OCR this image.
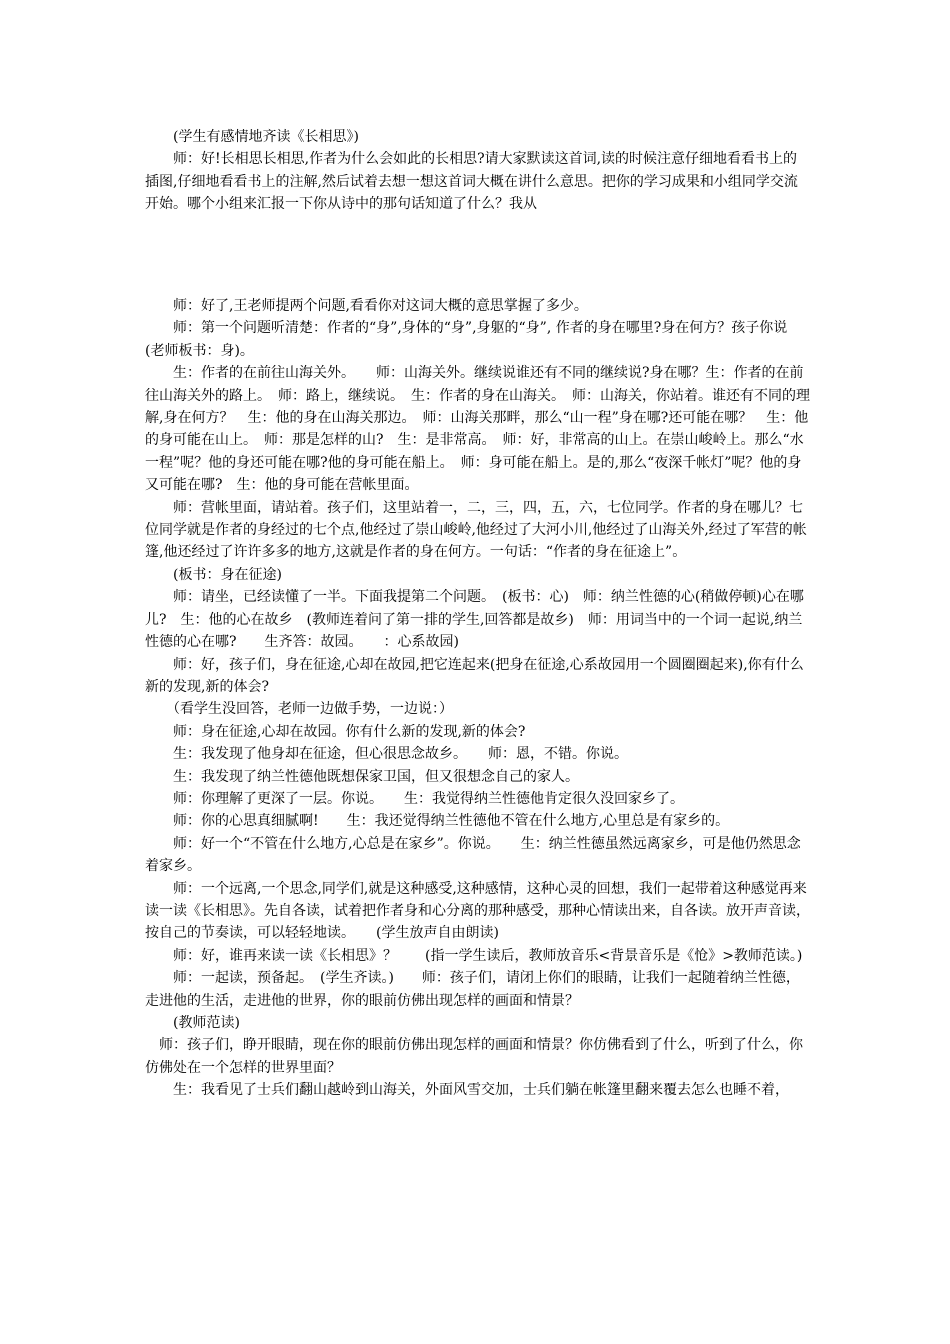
　　(学生有感情地齐读《长相思》)
　　师：好!长相思长相思,作者为什么会如此的长相思?请大家默读这首词,读的时候注意仔细地看看书上的插图,仔细地看看书上的注解,然后试着去想一想这首词大概在讲什么意思。把你的学习成果和小组同学交流开始。哪个小组来汇报一下你从诗中的那句话知道了什么？我从
　　师：好了,王老师提两个问题,看看你对这词大概的意思掌握了多少。
　　师：第一个问题听清楚：作者的“身”,身体的“身”,身躯的“身”, 作者的身在哪里?身在何方？孩子你说　　(老师板书：身)。
　　生：作者的在前往山海关外。　　师：山海关外。继续说谁还有不同的继续说?身在哪？生：作者的在前往山海关外的路上。　师：路上，继续说。　生：作者的身在山海关。　师：山海关，你站着。谁还有不同的理解,身在何方？　生：他的身在山海关那边。　师：山海关那畔，那么“山一程”身在哪?还可能在哪？　生：他的身可能在山上。　师：那是怎样的山?　生：是非常高。　师：好，非常高的山上。在崇山峻岭上。那么“水一程”呢？他的身还可能在哪?他的身可能在船上。　师：身可能在船上。是的,那么“夜深千帐灯”呢？他的身又可能在哪?　生：他的身可能在营帐里面。
　　师：营帐里面，请站着。孩子们，这里站着一，二，三，四，五，六，七位同学。作者的身在哪儿？七位同学就是作者的身经过的七个点,他经过了崇山峻岭,他经过了大河小川,他经过了山海关外,经过了军营的帐篷,他还经过了许许多多的地方,这就是作者的身在何方。一句话：“作者的身在征途上”。
　　(板书：身在征途)
　　师：请坐，已经读懂了一半。下面我提第二个问题。　(板书：心)　师：纳兰性德的心(稍做停顿)心在哪儿?　生：他的心在故乡　(教师连着问了第一排的学生,回答都是故乡)　师：用词当中的一个词一起说,纳兰性德的心在哪?　　生齐答：故园。　　：心系故园)
　　师：好，孩子们，身在征途,心却在故园,把它连起来(把身在征途,心系故园用一个圆圈圈起来),你有什么新的发现,新的体会?
　　（看学生没回答，老师一边做手势，一边说：）
　　师：身在征途,心却在故园。你有什么新的发现,新的体会?
　　生：我发现了他身却在征途，但心很思念故乡。　　师：恩，不错。你说。
　　生：我发现了纳兰性德他既想保家卫国，但又很想念自己的家人。
　　师：你理解了更深了一层。你说。　　生：我觉得纳兰性德他肯定很久没回家乡了。
　　师：你的心思真细腻啊!　　生：我还觉得纳兰性德他不管在什么地方,心里总是有家乡的。
　　师：好一个“不管在什么地方,心总是在家乡”。你说。　　生：纳兰性德虽然远离家乡，可是他仍然思念着家乡。
　　师：一个远离,一个思念,同学们,就是这种感受,这种感情，这种心灵的回想，我们一起带着这种感觉再来读一读《长相思》。先自各读，试着把作者身和心分离的那种感受，那种心情读出来，自各读。放开声音读，按自己的节奏读，可以轻轻地读。　　(学生放声自由朗读)
　　师：好，谁再来读一读《长相思》？　　(指一学生读后，教师放音乐<背景音乐是《怆》>教师范读。)
　　师：一起读，预备起。　(学生齐读。)　　师：孩子们，请闭上你们的眼睛，让我们一起随着纳兰性德，走进他的生活，走进他的世界，你的眼前仿佛出现怎样的画面和情景？
　　(教师范读)
　师：孩子们，睁开眼睛，现在你的眼前仿佛出现怎样的画面和情景？你仿佛看到了什么，听到了什么，你仿佛处在一个怎样的世界里面？
　　生：我看见了士兵们翻山越岭到山海关，外面风雪交加，士兵们躺在帐篷里翻来覆去怎么也睡不着，
